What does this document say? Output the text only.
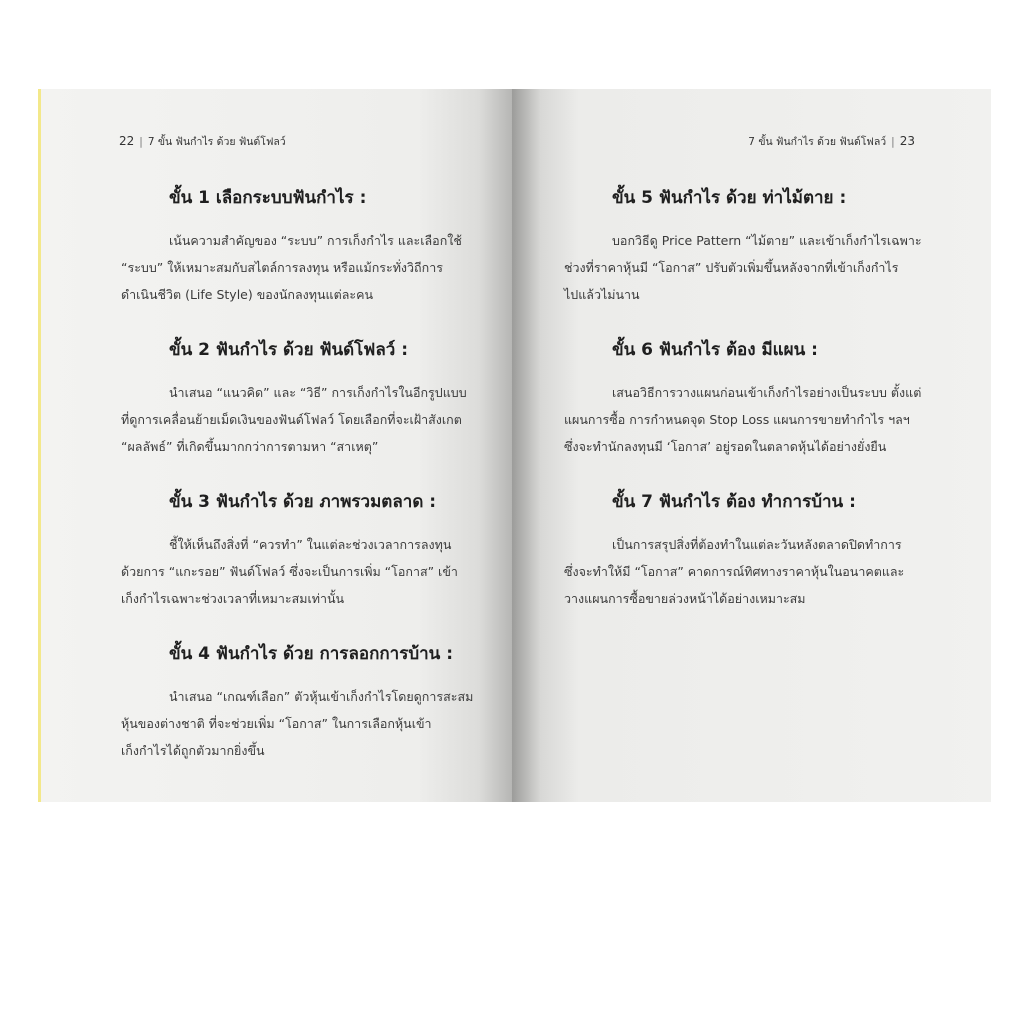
22 | 7 ขั้น ฟันกำไร ด้วย ฟันด์โฟลว์
ขั้น 1 เลือกระบบฟันกำไร :
เน้นความสำคัญของ “ระบบ” การเก็งกำไร และเลือกใช้
“ระบบ” ให้เหมาะสมกับสไตล์การลงทุน หรือแม้กระทั่งวิถีการ
ดำเนินชีวิต (Life Style) ของนักลงทุนแต่ละคน
ขั้น 2 ฟันกำไร ด้วย ฟันด์โฟลว์ :
นำเสนอ “แนวคิด” และ “วิธี” การเก็งกำไรในอีกรูปแบบ
ที่ดูการเคลื่อนย้ายเม็ดเงินของฟันด์โฟลว์ โดยเลือกที่จะเฝ้าสังเกต
“ผลลัพธ์” ที่เกิดขึ้นมากกว่าการตามหา “สาเหตุ”
ขั้น 3 ฟันกำไร ด้วย ภาพรวมตลาด :
ชี้ให้เห็นถึงสิ่งที่ “ควรทำ” ในแต่ละช่วงเวลาการลงทุน
ด้วยการ “แกะรอย” ฟันด์โฟลว์ ซึ่งจะเป็นการเพิ่ม “โอกาส” เข้า
เก็งกำไรเฉพาะช่วงเวลาที่เหมาะสมเท่านั้น
ขั้น 4 ฟันกำไร ด้วย การลอกการบ้าน :
นำเสนอ “เกณฑ์เลือก” ตัวหุ้นเข้าเก็งกำไรโดยดูการสะสม
หุ้นของต่างชาติ ที่จะช่วยเพิ่ม “โอกาส” ในการเลือกหุ้นเข้า
เก็งกำไรได้ถูกตัวมากยิ่งขึ้น
7 ขั้น ฟันกำไร ด้วย ฟันด์โฟลว์ | 23
ขั้น 5 ฟันกำไร ด้วย ท่าไม้ตาย :
บอกวิธีดู Price Pattern “ไม้ตาย” และเข้าเก็งกำไรเฉพาะ
ช่วงที่ราคาหุ้นมี “โอกาส” ปรับตัวเพิ่มขึ้นหลังจากที่เข้าเก็งกำไร
ไปแล้วไม่นาน
ขั้น 6 ฟันกำไร ต้อง มีแผน :
เสนอวิธีการวางแผนก่อนเข้าเก็งกำไรอย่างเป็นระบบ ตั้งแต่
แผนการซื้อ การกำหนดจุด Stop Loss แผนการขายทำกำไร ฯลฯ
ซึ่งจะทำนักลงทุนมี ‘โอกาส’ อยู่รอดในตลาดหุ้นได้อย่างยั่งยืน
ขั้น 7 ฟันกำไร ต้อง ทำการบ้าน :
เป็นการสรุปสิ่งที่ต้องทำในแต่ละวันหลังตลาดปิดทำการ
ซึ่งจะทำให้มี “โอกาส” คาดการณ์ทิศทางราคาหุ้นในอนาคตและ
วางแผนการซื้อขายล่วงหน้าได้อย่างเหมาะสม
